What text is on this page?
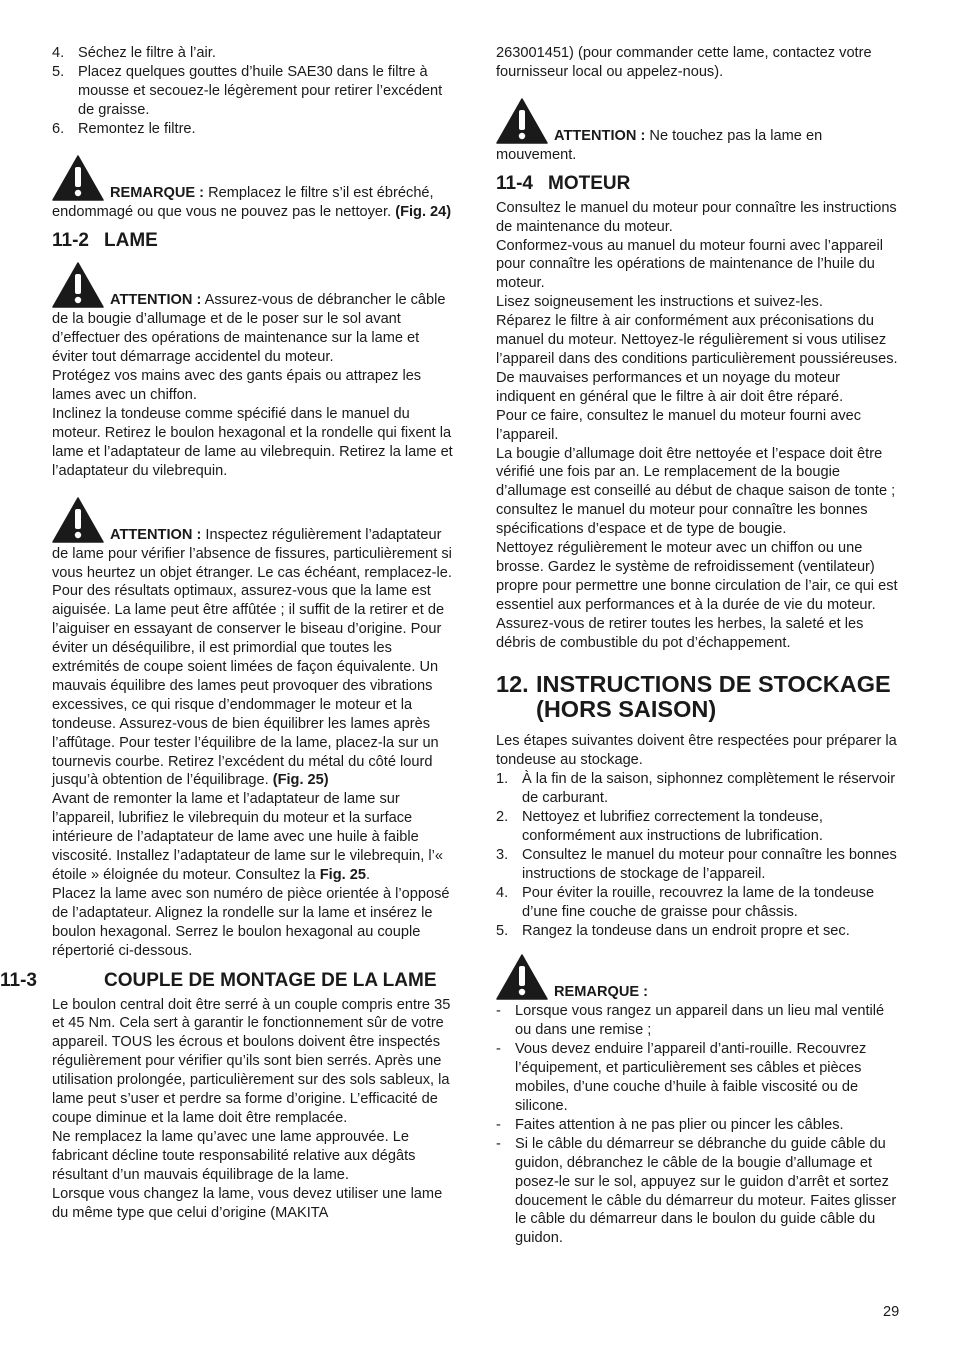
4. Séchez le filtre à l’air.
5. Placez quelques gouttes d’huile SAE30 dans le filtre à mousse et secouez-le légèrement pour retirer l’excédent de graisse.
6. Remontez le filtre.
REMARQUE : Remplacez le filtre s’il est ébréché, endommagé ou que vous ne pouvez pas le nettoyer. (Fig. 24)
11-2 LAME
ATTENTION : Assurez-vous de débrancher le câble de la bougie d’allumage et de le poser sur le sol avant d’effectuer des opérations de maintenance sur la lame et éviter tout démarrage accidentel du moteur.

Protégez vos mains avec des gants épais ou attrapez les lames avec un chiffon.

Inclinez la tondeuse comme spécifié dans le manuel du moteur. Retirez le boulon hexagonal et la rondelle qui fixent la lame et l’adaptateur de lame au vilebrequin. Retirez la lame et l’adaptateur du vilebrequin.

ATTENTION : Inspectez régulièrement l’adaptateur de lame pour vérifier l’absence de fissures, particulièrement si vous heurtez un objet étranger. Le cas échéant, remplacez-le.

Pour des résultats optimaux, assurez-vous que la lame est aiguisée. La lame peut être affûtée ; il suffit de la retirer et de l’aiguiser en essayant de conserver le biseau d’origine. Pour éviter un déséquilibre, il est primordial que toutes les extrémités de coupe soient limées de façon équivalente. Un mauvais équilibre des lames peut provoquer des vibrations excessives, ce qui risque d’endommager le moteur et la tondeuse. Assurez-vous de bien équilibrer les lames après l’affûtage. Pour tester l’équilibre de la lame, placez-la sur un tournevis courbe. Retirez l’excédent du métal du côté lourd jusqu’à obtention de l’équilibrage. (Fig. 25)

Avant de remonter la lame et l’adaptateur de lame sur l’appareil, lubrifiez le vilebrequin du moteur et la surface intérieure de l’adaptateur de lame avec une huile à faible viscosité. Installez l’adaptateur de lame sur le vilebrequin, l’« étoile » éloignée du moteur. Consultez la Fig. 25.

Placez la lame avec son numéro de pièce orientée à l’opposé de l’adaptateur. Alignez la rondelle sur la lame et insérez le boulon hexagonal. Serrez le boulon hexagonal au couple répertorié ci-dessous.

11-3	COUPLE DE MONTAGE DE LA LAME

Le boulon central doit être serré à un couple compris entre 35 et 45 Nm. Cela sert à garantir le fonctionnement sûr de votre appareil. TOUS les écrous et boulons doivent être inspectés régulièrement pour vérifier qu’ils sont bien serrés. Après une utilisation prolongée, particulièrement sur des sols sableux, la lame peut s’user et perdre sa forme d’origine. L’efficacité de coupe diminue et la lame doit être remplacée.

Ne remplacez la lame qu’avec une lame approuvée. Le fabricant décline toute responsabilité relative aux dégâts résultant d’un mauvais équilibrage de la lame.

Lorsque vous changez la lame, vous devez utiliser une lame du même type que celui d’origine (MAKITA

263001451) (pour commander cette lame, contactez votre fournisseur local ou appelez-nous).

ATTENTION : Ne touchez pas la lame en mouvement.
11-4 MOTEUR

Consultez le manuel du moteur pour connaître les instructions de maintenance du moteur.

Conformez-vous au manuel du moteur fourni avec l’appareil pour connaître les opérations de maintenance de l’huile du moteur.

Lisez soigneusement les instructions et suivez-les.

Réparez le filtre à air conformément aux préconisations du manuel du moteur. Nettoyez-le régulièrement si vous utilisez l’appareil dans des conditions particulièrement poussiéreuses. De mauvaises performances et un noyage du moteur indiquent en général que le filtre à air doit être réparé.

Pour ce faire, consultez le manuel du moteur fourni avec l’appareil.

La bougie d’allumage doit être nettoyée et l’espace doit être vérifié une fois par an. Le remplacement de la bougie d’allumage est conseillé au début de chaque saison de tonte ; consultez le manuel du moteur pour connaître les bonnes spécifications d’espace et de type de bougie.

Nettoyez régulièrement le moteur avec un chiffon ou une brosse. Gardez le système de refroidissement (ventilateur) propre pour permettre une bonne circulation de l’air, ce qui est essentiel aux performances et à la durée de vie du moteur. Assurez-vous de retirer toutes les herbes, la saleté et les débris de combustible du pot d’échappement.

12. INSTRUCTIONS DE STOCKAGE (HORS SAISON)

Les étapes suivantes doivent être respectées pour préparer la tondeuse au stockage.

1. À la fin de la saison, siphonnez complètement le réservoir de carburant.
2. Nettoyez et lubrifiez correctement la tondeuse, conformément aux instructions de lubrification.
3. Consultez le manuel du moteur pour connaître les bonnes instructions de stockage de l’appareil.
4. Pour éviter la rouille, recouvrez la lame de la tondeuse d’une fine couche de graisse pour châssis.
5. Rangez la tondeuse dans un endroit propre et sec.
REMARQUE :
- Lorsque vous rangez un appareil dans un lieu mal ventilé ou dans une remise ;
- Vous devez enduire l’appareil d’anti-rouille. Recouvrez l’équipement, et particulièrement ses câbles et pièces mobiles, d’une couche d’huile à faible viscosité ou de silicone.
- Faites attention à ne pas plier ou pincer les câbles.
- Si le câble du démarreur se débranche du guide câble du guidon, débranchez le câble de la bougie d’allumage et posez-le sur le sol, appuyez sur le guidon d’arrêt et sortez doucement le câble du démarreur du moteur. Faites glisser le câble du démarreur dans le boulon du guide câble du guidon.
29
